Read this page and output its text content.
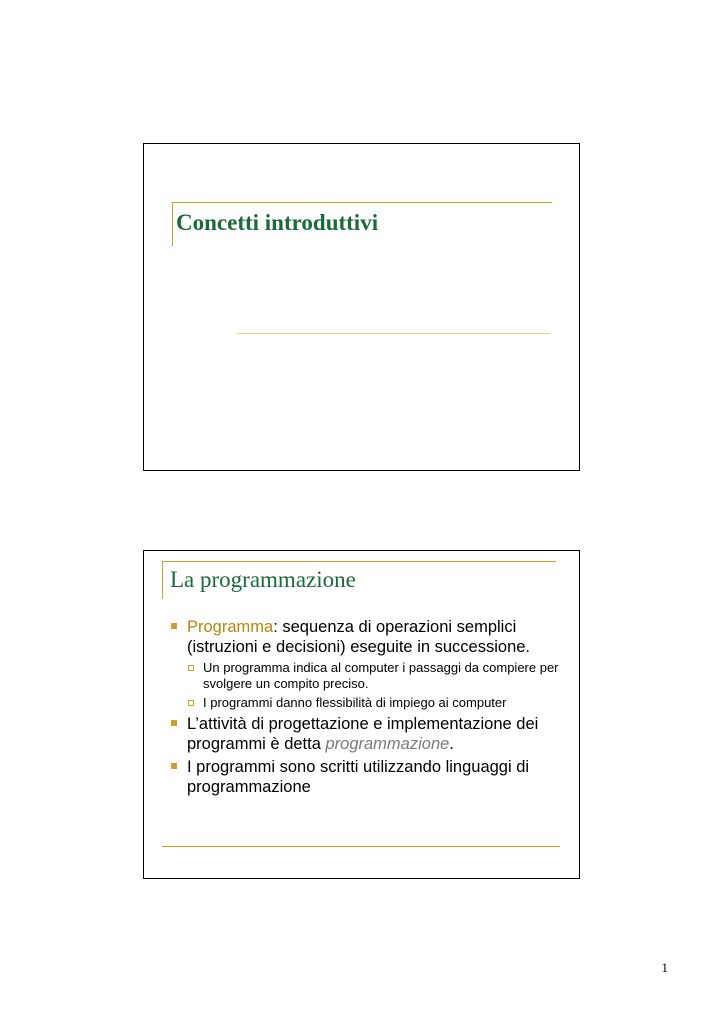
Concetti introduttivi
La programmazione

Programma: sequenza di operazioni semplici (istruzioni e decisioni) eseguite in successione.

Un programma indica al computer i passaggi da compiere per svolgere un compito preciso.

I programmi danno flessibilità di impiego ai computer

L’attività di progettazione e implementazione dei programmi è detta programmazione.

I programmi sono scritti utilizzando linguaggi di programmazione

1
